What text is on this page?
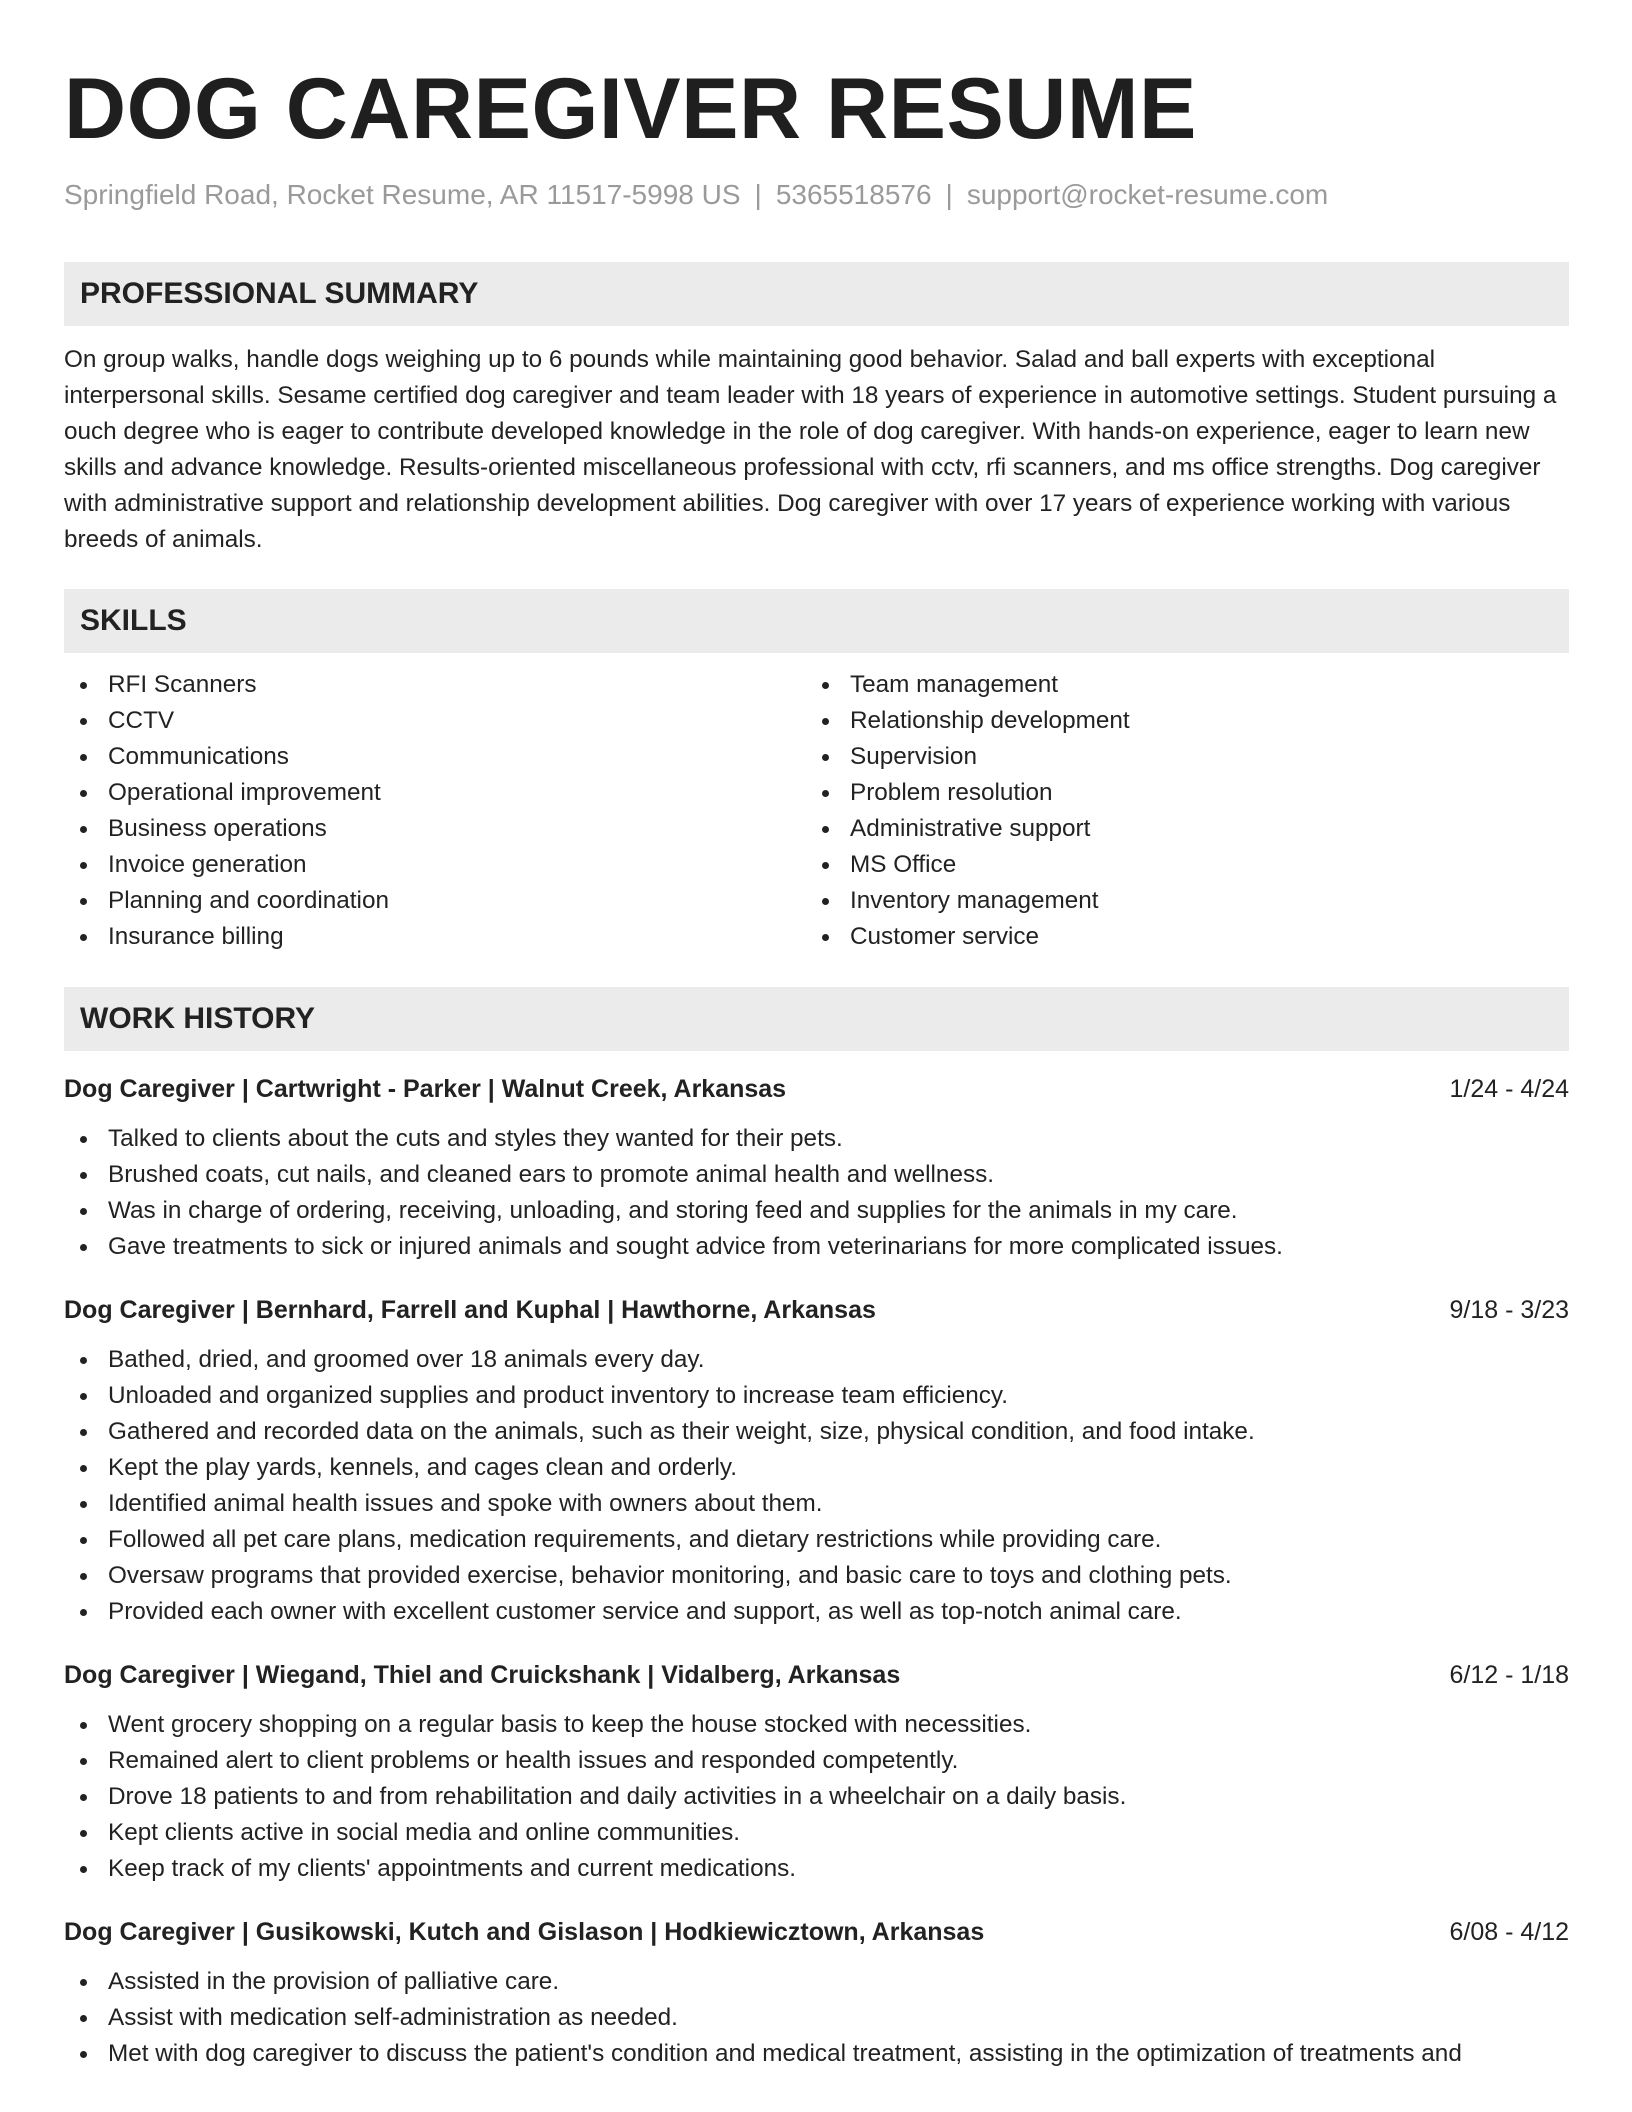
DOG CAREGIVER RESUME
Springfield Road, Rocket Resume, AR 11517-5998 US | 5365518576 | support@rocket-resume.com
PROFESSIONAL SUMMARY

On group walks, handle dogs weighing up to 6 pounds while maintaining good behavior. Salad and ball experts with exceptional interpersonal skills. Sesame certified dog caregiver and team leader with 18 years of experience in automotive settings. Student pursuing a ouch degree who is eager to contribute developed knowledge in the role of dog caregiver. With hands-on experience, eager to learn new skills and advance knowledge. Results-oriented miscellaneous professional with cctv, rfi scanners, and ms office strengths. Dog caregiver with administrative support and relationship development abilities. Dog caregiver with over 17 years of experience working with various breeds of animals.

SKILLS
RFI Scanners
CCTV
Communications
Operational improvement
Business operations
Invoice generation
Planning and coordination
Insurance billing
Team management
Relationship development
Supervision
Problem resolution
Administrative support
MS Office
Inventory management
Customer service
WORK HISTORY
Dog Caregiver | Cartwright - Parker | Walnut Creek, Arkansas	1/24 - 4/24
Talked to clients about the cuts and styles they wanted for their pets.
Brushed coats, cut nails, and cleaned ears to promote animal health and wellness.
Was in charge of ordering, receiving, unloading, and storing feed and supplies for the animals in my care.
Gave treatments to sick or injured animals and sought advice from veterinarians for more complicated issues.
Dog Caregiver | Bernhard, Farrell and Kuphal | Hawthorne, Arkansas	9/18 - 3/23
Bathed, dried, and groomed over 18 animals every day.
Unloaded and organized supplies and product inventory to increase team efficiency.
Gathered and recorded data on the animals, such as their weight, size, physical condition, and food intake.
Kept the play yards, kennels, and cages clean and orderly.
Identified animal health issues and spoke with owners about them.
Followed all pet care plans, medication requirements, and dietary restrictions while providing care.
Oversaw programs that provided exercise, behavior monitoring, and basic care to toys and clothing pets.
Provided each owner with excellent customer service and support, as well as top-notch animal care.
Dog Caregiver | Wiegand, Thiel and Cruickshank | Vidalberg, Arkansas	6/12 - 1/18
Went grocery shopping on a regular basis to keep the house stocked with necessities.
Remained alert to client problems or health issues and responded competently.
Drove 18 patients to and from rehabilitation and daily activities in a wheelchair on a daily basis.
Kept clients active in social media and online communities.
Keep track of my clients' appointments and current medications.
Dog Caregiver | Gusikowski, Kutch and Gislason | Hodkiewicztown, Arkansas	6/08 - 4/12
Assisted in the provision of palliative care.
Assist with medication self-administration as needed.
Met with dog caregiver to discuss the patient's condition and medical treatment, assisting in the optimization of treatments and
